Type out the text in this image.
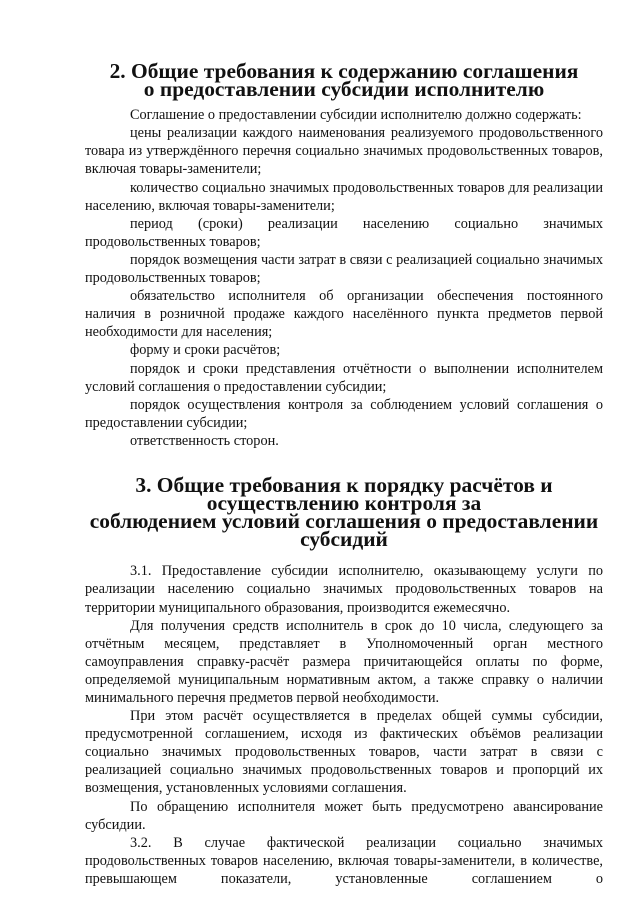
2. Общие требования к содержанию соглашения
о предоставлении субсидии исполнителю

Соглашение о предоставлении субсидии исполнителю должно содержать:

цены реализации каждого наименования реализуемого продовольственного товара из утверждённого перечня социально значимых продовольственных товаров, включая товары-заменители;

количество социально значимых продовольственных товаров для реализации населению, включая товары-заменители;

период (сроки) реализации населению социально значимых продовольственных товаров;

порядок возмещения части затрат в связи с реализацией социально значимых продовольственных товаров;

обязательство исполнителя об организации обеспечения постоянного наличия в розничной продаже каждого населённого пункта предметов первой необходимости для населения;

форму и сроки расчётов;

порядок и сроки представления отчётности о выполнении исполнителем условий соглашения о предоставлении субсидии;

порядок осуществления контроля за соблюдением условий соглашения о предоставлении субсидии;

ответственность сторон.

3. Общие требования к порядку расчётов и осуществлению контроля за
соблюдением условий соглашения о предоставлении субсидий

3.1. Предоставление субсидии исполнителю, оказывающему услуги по реализации населению социально значимых продовольственных товаров на территории муниципального образования, производится ежемесячно.

Для получения средств исполнитель в срок до 10 числа, следующего за отчётным месяцем, представляет в Уполномоченный орган местного самоуправления справку-расчёт размера причитающейся оплаты по форме, определяемой муниципальным нормативным актом, а также справку о наличии минимального перечня предметов первой необходимости.

При этом расчёт осуществляется в пределах общей суммы субсидии, предусмотренной соглашением, исходя из фактических объёмов реализации социально значимых продовольственных товаров, части затрат в связи с реализацией социально значимых продовольственных товаров и пропорций их возмещения, установленных условиями соглашения.

По обращению исполнителя может быть предусмотрено авансирование субсидии.

3.2. В случае фактической реализации социально значимых продовольственных товаров населению, включая товары-заменители, в количестве, превышающем показатели, установленные соглашением о
